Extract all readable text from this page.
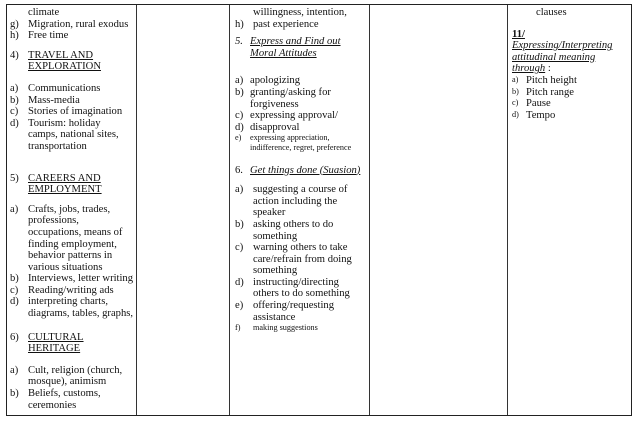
climate
g) Migration, rural exodus
h) Free time
4) TRAVEL AND
EXPLORATION
a) Communications
b) Mass-media
c) Stories of imagination
d) Tourism: holiday
camps, national sites,
transportation
5) CAREERS AND
EMPLOYMENT
a) Crafts, jobs, trades,
professions,
occupations, means of
finding employment,
behavior patterns in
various situations
b) Interviews, letter writing
c) Reading/writing ads
d) interpreting charts,
diagrams, tables, graphs,
6) CULTURAL
HERITAGE
a) Cult, religion (church,
mosque), animism
b) Beliefs, customs,
ceremonies
willingness, intention,
h) past experience
5. Express and Find out
Moral Attitudes
a) apologizing
b) granting/asking for
forgiveness
c) expressing approval/
d) disapproval
e)	expressing appreciation,
indifference, regret, preference
6. Get things done (Suasion)
a) suggesting a course of
action including the
speaker
b) asking others to do
something
c) warning others to take
care/refrain from doing
something
d) instructing/directing
others to do something
e) offering/requesting
assistance
f)	making suggestions
clauses
11/
Expressing/Interpreting
attitudinal meaning
through :
a) Pitch height
b) Pitch range
c) Pause
d) Tempo
